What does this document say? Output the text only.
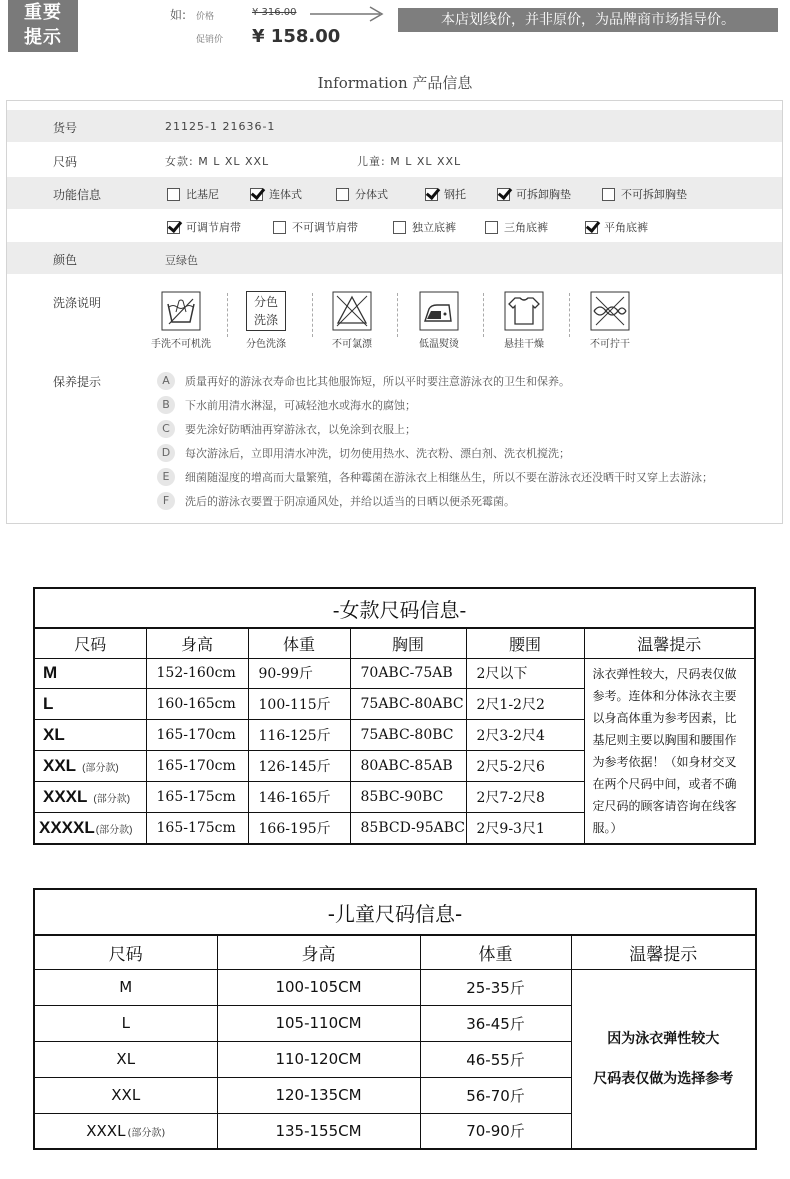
重要
提示
如: 价格	¥ 316.00
促销价 ¥ 158.00
本店划线价，并非原价，为品牌商市场指导价。
Information 产品信息
货号	21125-1 21636-1
尺码	女款: M L XL XXL	儿童: M L XL XXL
功能信息	比基尼	连体式	分体式	钢托	可拆卸胸垫	不可拆卸胸垫
可调节肩带	不可调节肩带	独立底裤	三角底裤	平角底裤
颜色	豆绿色
洗涤说明
手洗不可机洗
分色
洗涤
分色洗涤	不可氯漂	低温熨烫	悬挂干燥	不可拧干
保养提示	A	质量再好的游泳衣寿命也比其他服饰短，所以平时要注意游泳衣的卫生和保养。
B	下水前用清水淋湿，可减轻池水或海水的腐蚀；
C	要先涂好防晒油再穿游泳衣，以免涂到衣服上；
D	每次游泳后，立即用清水冲洗，切勿使用热水、洗衣粉、漂白剂、洗衣机搅洗；
E	细菌随湿度的增高而大量繁殖，各种霉菌在游泳衣上相继丛生，所以不要在游泳衣还没晒干时又穿上去游泳；
F	洗后的游泳衣要置于阴凉通风处，并给以适当的日晒以便杀死霉菌。
-女款尺码信息-					
尺码	身高	体重	胸围	腰围	温馨提示
M	152-160cm	90-99斤	70ABC-75AB	2尺以下	泳衣弹性较大，尺码表仅做参考。连体和分体泳衣主要以身高体重为参考因素，比基尼则主要以胸围和腰围作为参考依据！（如身材交叉在两个尺码中间，或者不确定尺码的顾客请咨询在线客服。）
L	160-165cm	100-115斤	75ABC-80ABC	2尺1-2尺2	
XL	165-170cm	116-125斤	75ABC-80BC	2尺3-2尺4	
XXL (部分款)	165-170cm	126-145斤	80ABC-85AB	2尺5-2尺6	
XXXL (部分款)	165-175cm	146-165斤	85BC-90BC	2尺7-2尺8	
XXXXL(部分款)	165-175cm	166-195斤	85BCD-95ABC	2尺9-3尺1	
-儿童尺码信息-			
尺码	身高	体重	温馨提示
M	100-105CM	25-35斤	因为泳衣弹性较大
尺码表仅做为选择参考

L	105-110CM	36-45斤	
XL	110-120CM	46-55斤	
XXL	120-135CM	56-70斤	
XXXL (部分款)	135-155CM	70-90斤	
